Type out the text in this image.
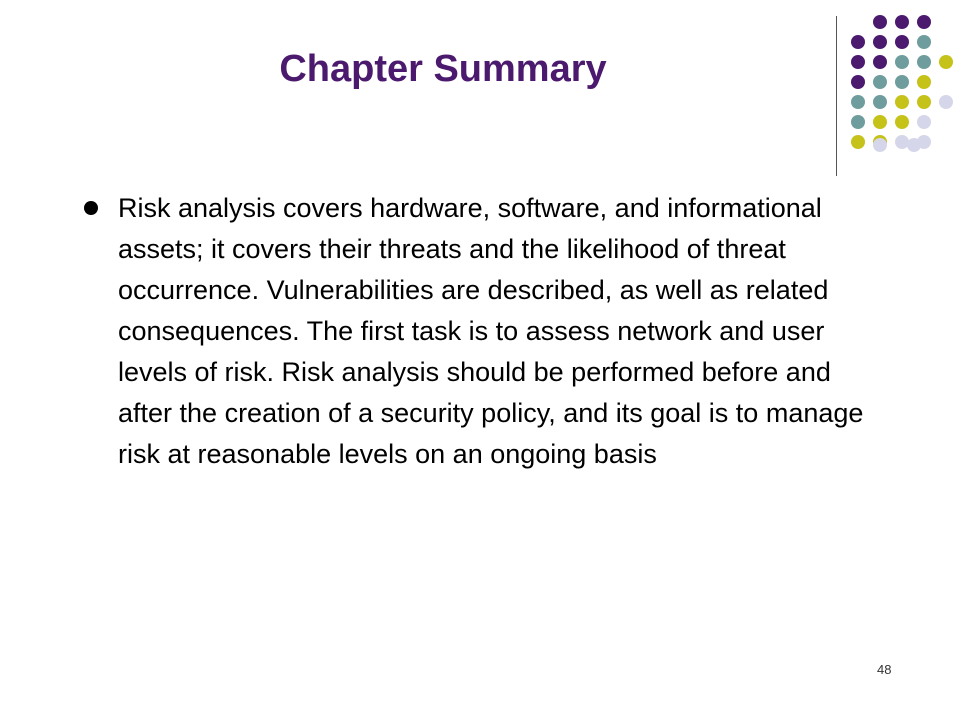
Chapter Summary
Risk analysis covers hardware, software, and informational assets; it covers their threats and the likelihood of threat occurrence. Vulnerabilities are described, as well as related consequences. The first task is to assess network and user levels of risk. Risk analysis should be performed before and after the creation of a security policy, and its goal is to manage risk at reasonable levels on an ongoing basis
48
